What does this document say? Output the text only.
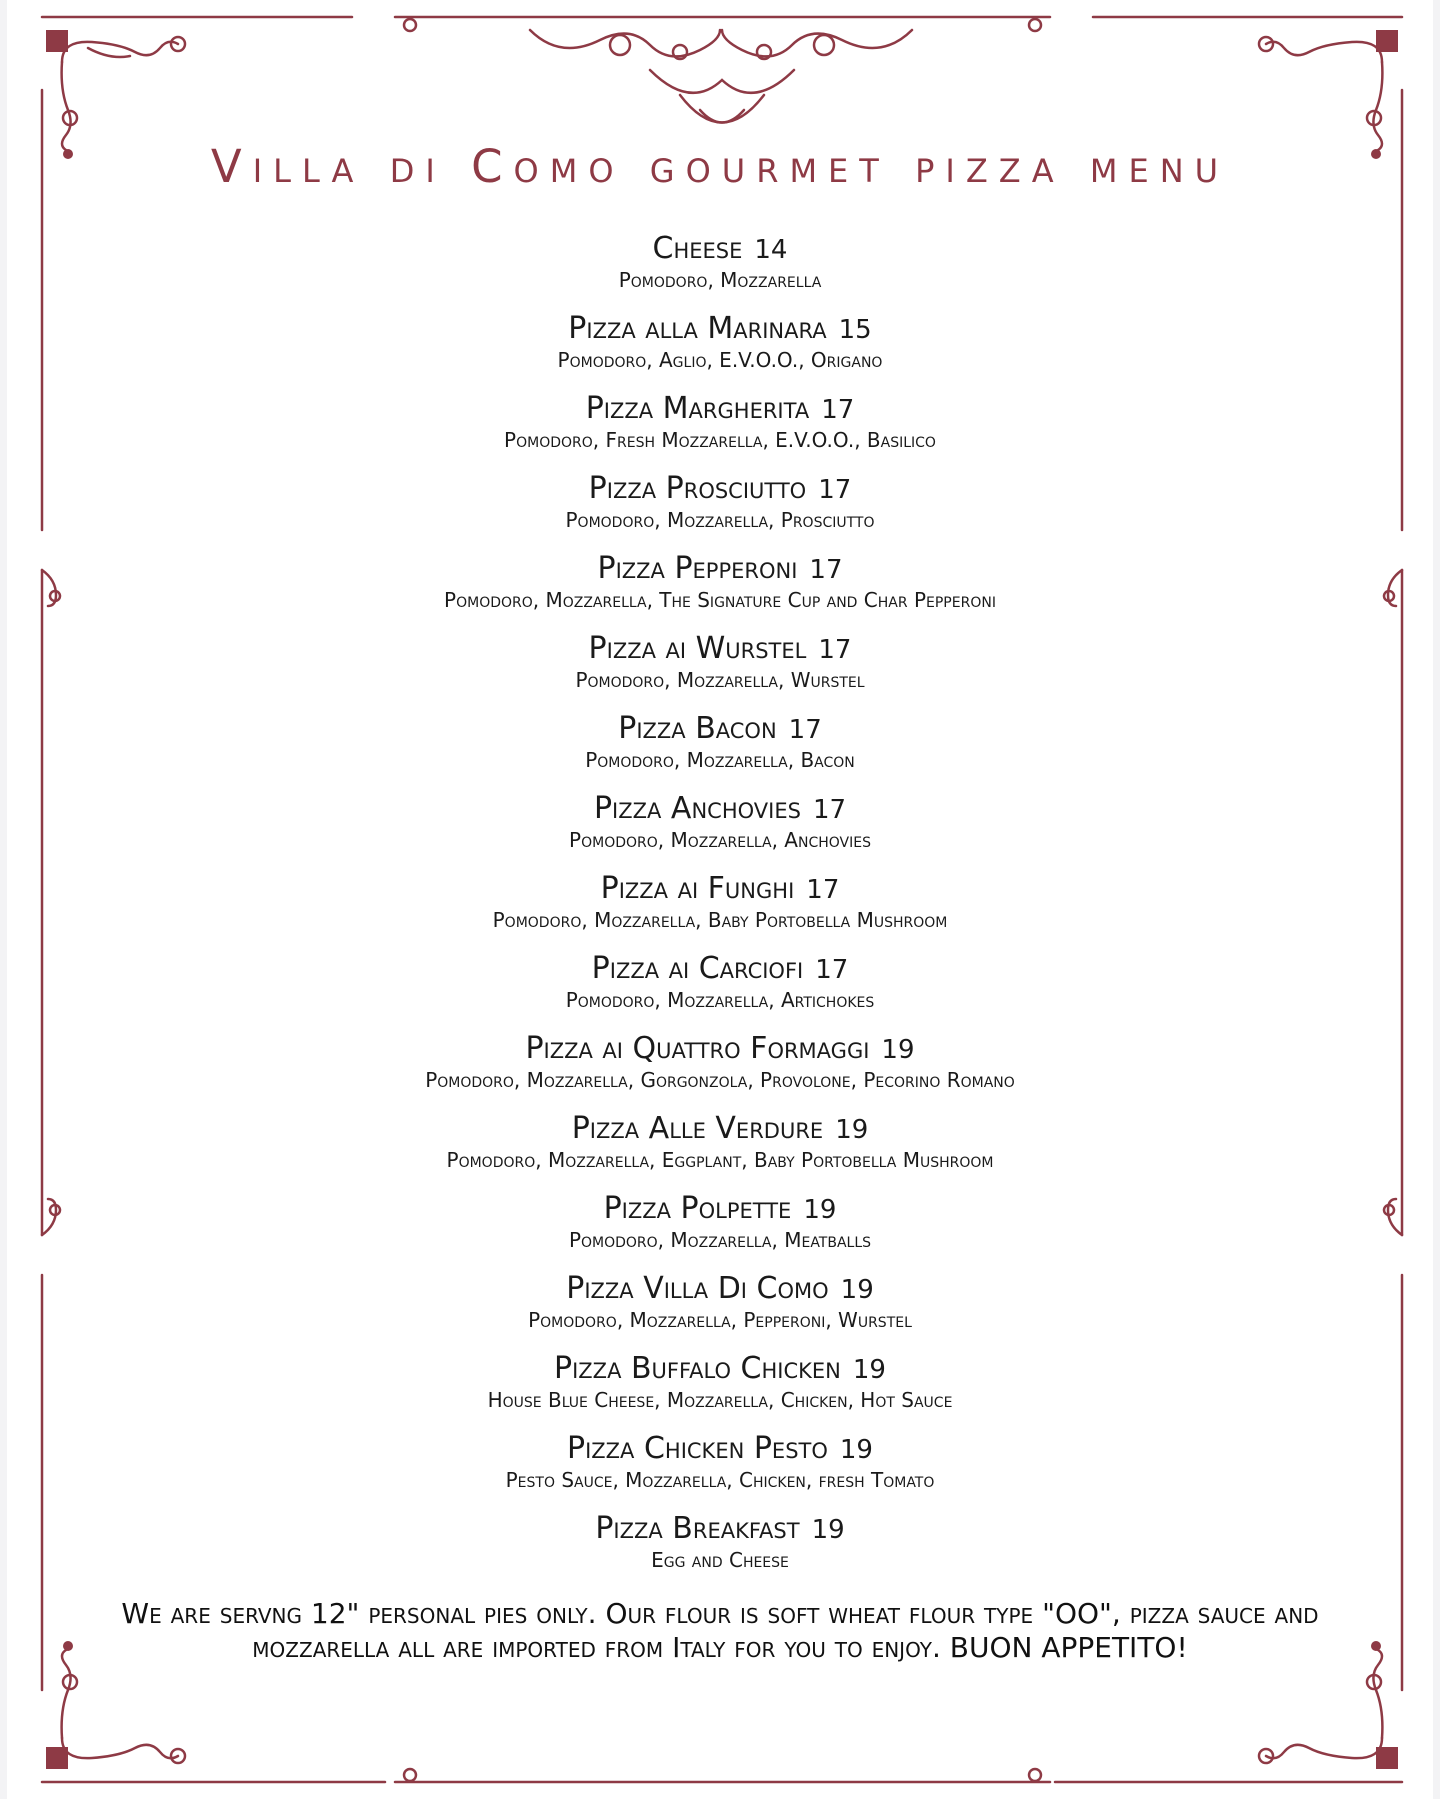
Villa di Como gourmet pizza menu
Cheese 14
Pomodoro, Mozzarella
Pizza alla Marinara 15
Pomodoro, Aglio, E.V.O.O., Origano
Pizza Margherita 17
Pomodoro, Fresh Mozzarella, E.V.O.O., Basilico
Pizza Prosciutto 17
Pomodoro, Mozzarella, Prosciutto
Pizza Pepperoni 17
Pomodoro, Mozzarella, The Signature Cup and Char Pepperoni
Pizza ai Wurstel 17
Pomodoro, Mozzarella, Wurstel
Pizza Bacon 17
Pomodoro, Mozzarella, Bacon
Pizza Anchovies 17
Pomodoro, Mozzarella, Anchovies
Pizza ai Funghi 17
Pomodoro, Mozzarella, Baby Portobella Mushroom
Pizza ai Carciofi 17
Pomodoro, Mozzarella, Artichokes
Pizza ai Quattro Formaggi 19
Pomodoro, Mozzarella, Gorgonzola, Provolone, Pecorino Romano
Pizza Alle Verdure 19
Pomodoro, Mozzarella, Eggplant, Baby Portobella Mushroom
Pizza Polpette 19
Pomodoro, Mozzarella, Meatballs
Pizza Villa Di Como 19
Pomodoro, Mozzarella, Pepperoni, Wurstel
Pizza Buffalo Chicken 19
House Blue Cheese, Mozzarella, Chicken, Hot Sauce
Pizza Chicken Pesto 19
Pesto Sauce, Mozzarella, Chicken, fresh Tomato
Pizza Breakfast 19
Egg and Cheese
We are servng 12" personal pies only. Our flour is soft wheat flour type "OO", pizza sauce and mozzarella all are imported from Italy for you to enjoy. BUON APPETITO!
